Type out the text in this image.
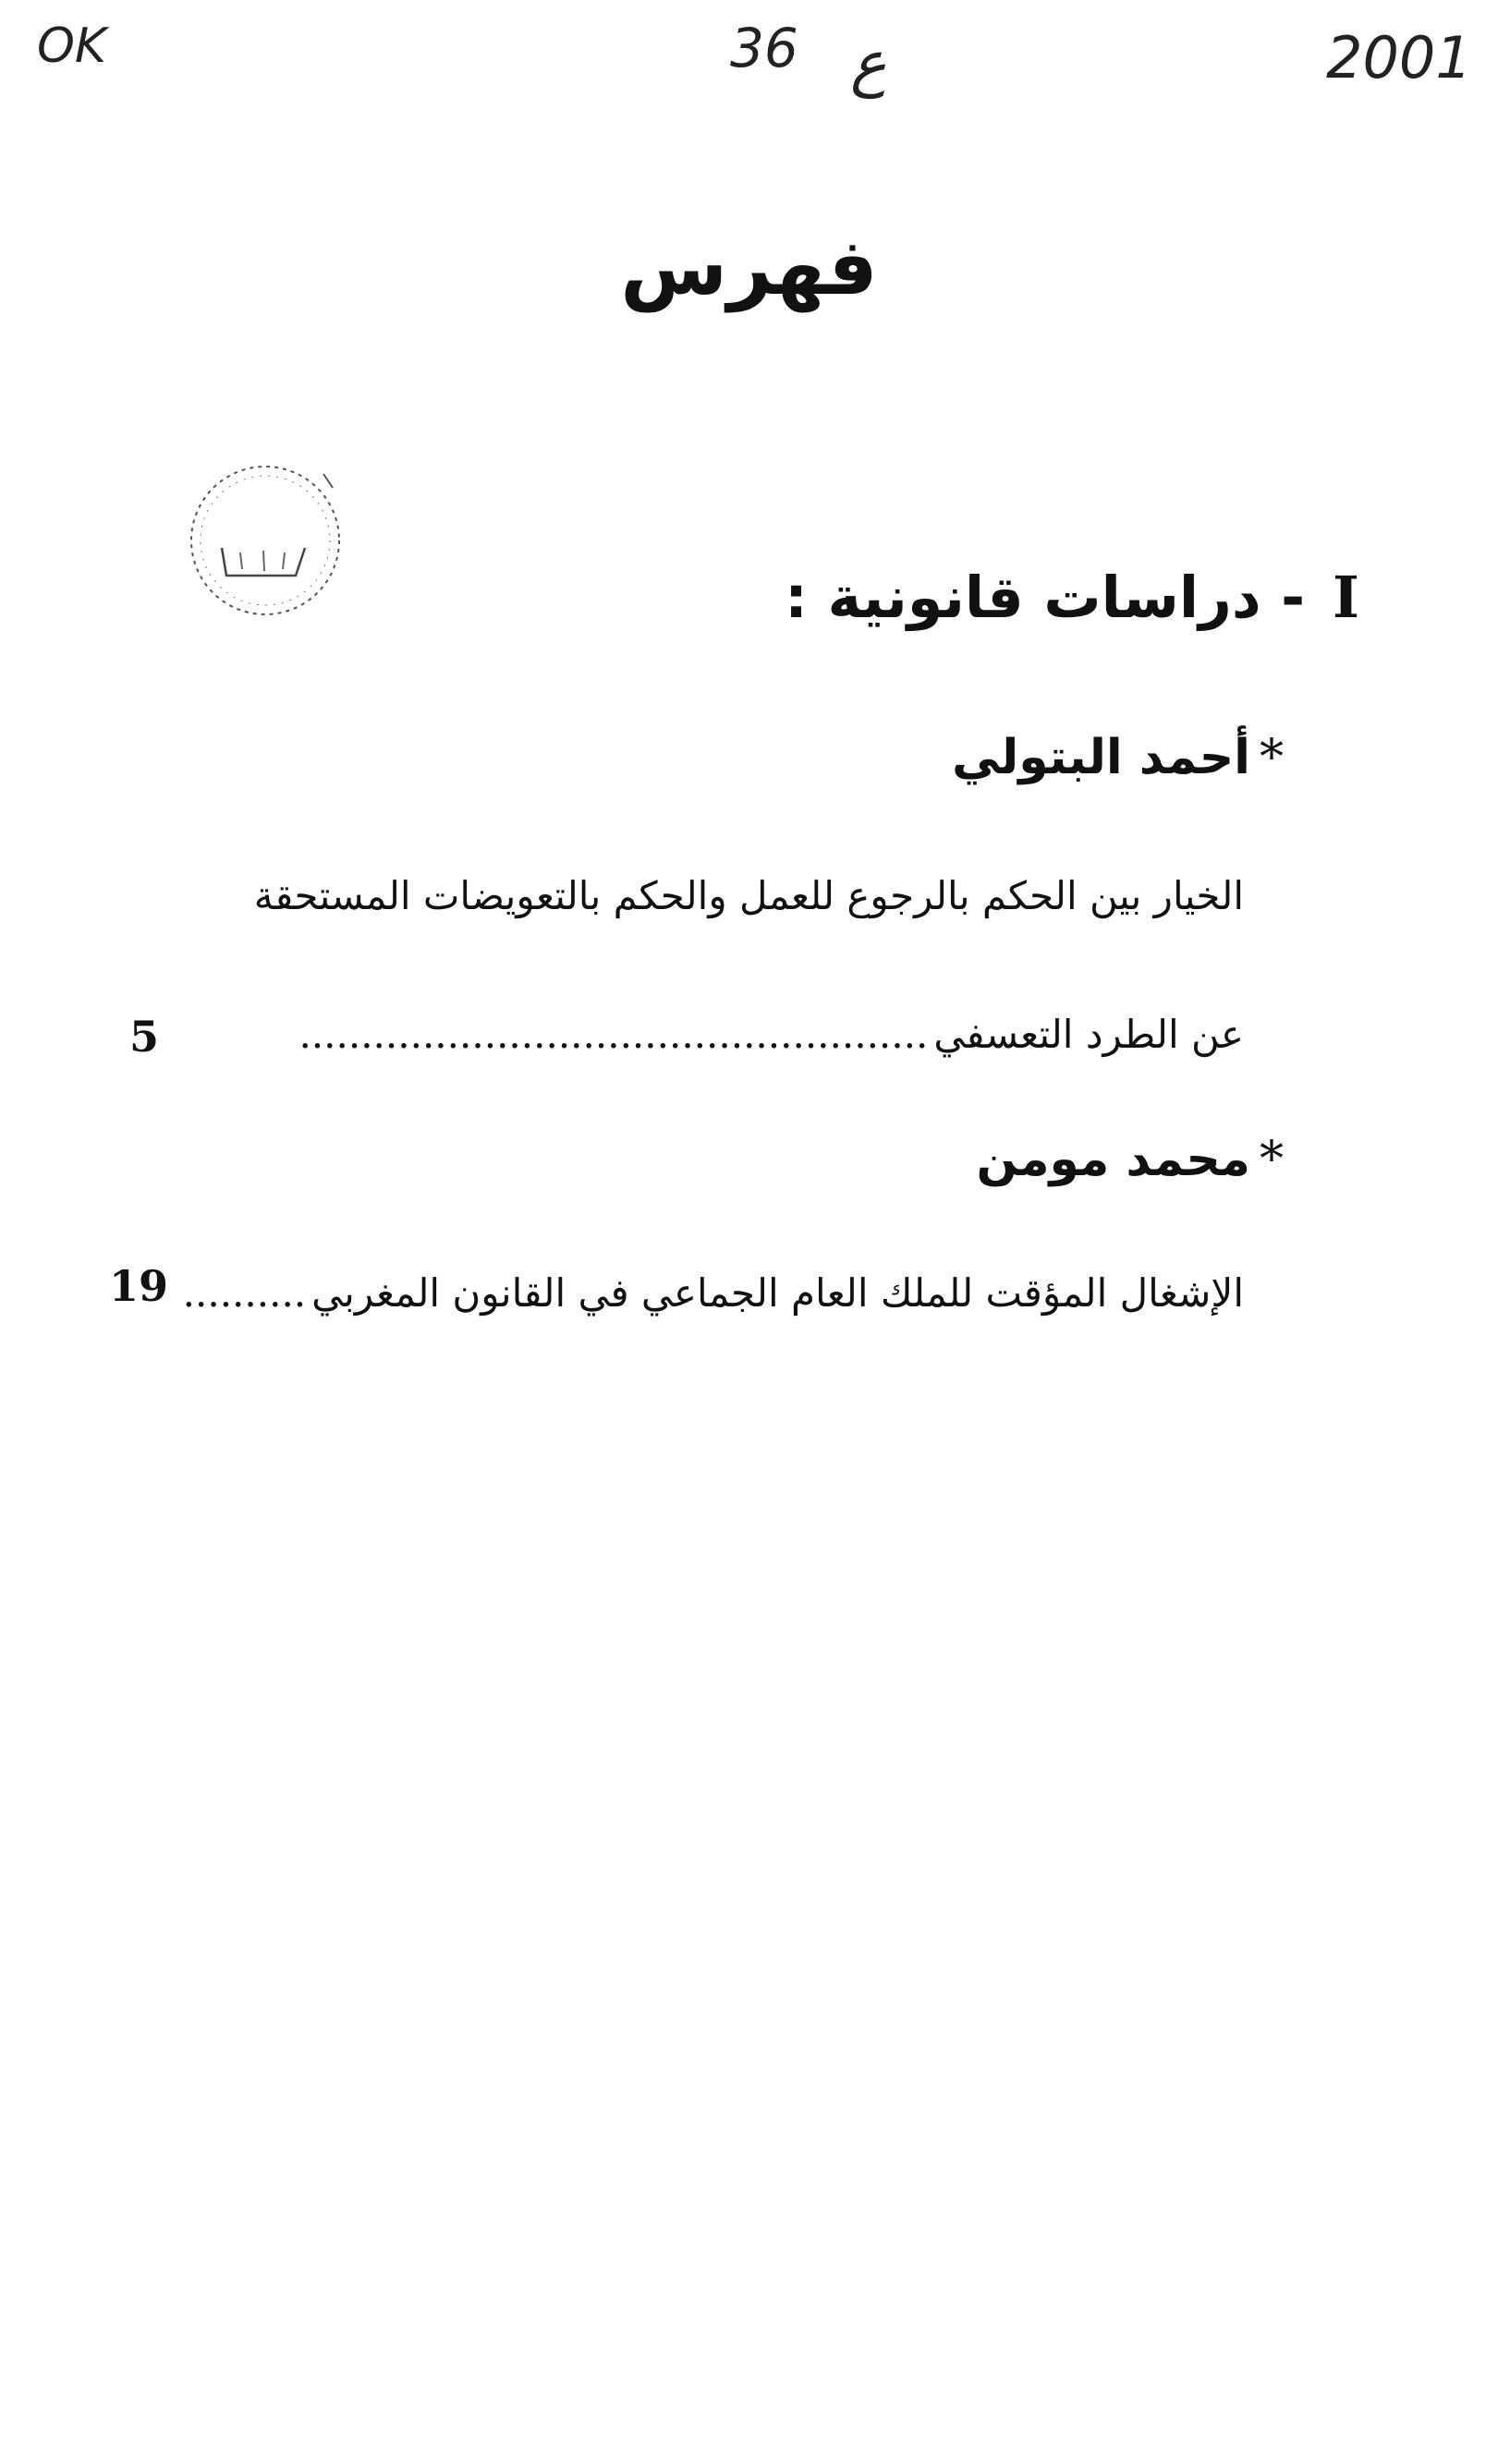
OK	36 ع	2001
فهرس
I- دراسات قانونية :
*أحمد البتولي
الخيار بين الحكم بالرجوع للعمل والحكم بالتعويضات المستحقة
عن الطرد التعسفي...................................................
5
*محمد مومن
الإشغال المؤقت للملك العام الجماعي في القانون المغربي..........
19
